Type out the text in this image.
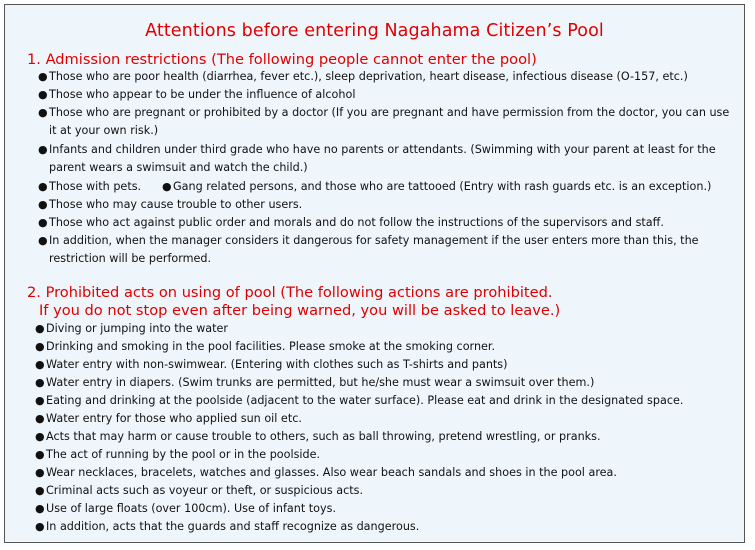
Attentions before entering Nagahama Citizen’s Pool
1. Admission restrictions (The following people cannot enter the pool)
●Those who are poor health (diarrhea, fever etc.), sleep deprivation, heart disease, infectious disease (O-157, etc.)
●Those who appear to be under the influence of alcohol
●Those who are pregnant or prohibited by a doctor (If you are pregnant and have permission from the doctor, you can use
it at your own risk.)
●Infants and children under third grade who have no parents or attendants. (Swimming with your parent at least for the
parent wears a swimsuit and watch the child.)
●Those with pets. ●Gang related persons, and those who are tattooed (Entry with rash guards etc. is an exception.)
●Those who may cause trouble to other users.
●Those who act against public order and morals and do not follow the instructions of the supervisors and staff.
●In addition, when the manager considers it dangerous for safety management if the user enters more than this, the
restriction will be performed.
2. Prohibited acts on using of pool (The following actions are prohibited.
If you do not stop even after being warned, you will be asked to leave.)
●Diving or jumping into the water
●Drinking and smoking in the pool facilities. Please smoke at the smoking corner.
●Water entry with non-swimwear. (Entering with clothes such as T-shirts and pants)
●Water entry in diapers. (Swim trunks are permitted, but he/she must wear a swimsuit over them.)
●Eating and drinking at the poolside (adjacent to the water surface). Please eat and drink in the designated space.
●Water entry for those who applied sun oil etc.
●Acts that may harm or cause trouble to others, such as ball throwing, pretend wrestling, or pranks.
●The act of running by the pool or in the poolside.
●Wear necklaces, bracelets, watches and glasses. Also wear beach sandals and shoes in the pool area.
●Criminal acts such as voyeur or theft, or suspicious acts.
●Use of large floats (over 100cm). Use of infant toys.
●In addition, acts that the guards and staff recognize as dangerous.
